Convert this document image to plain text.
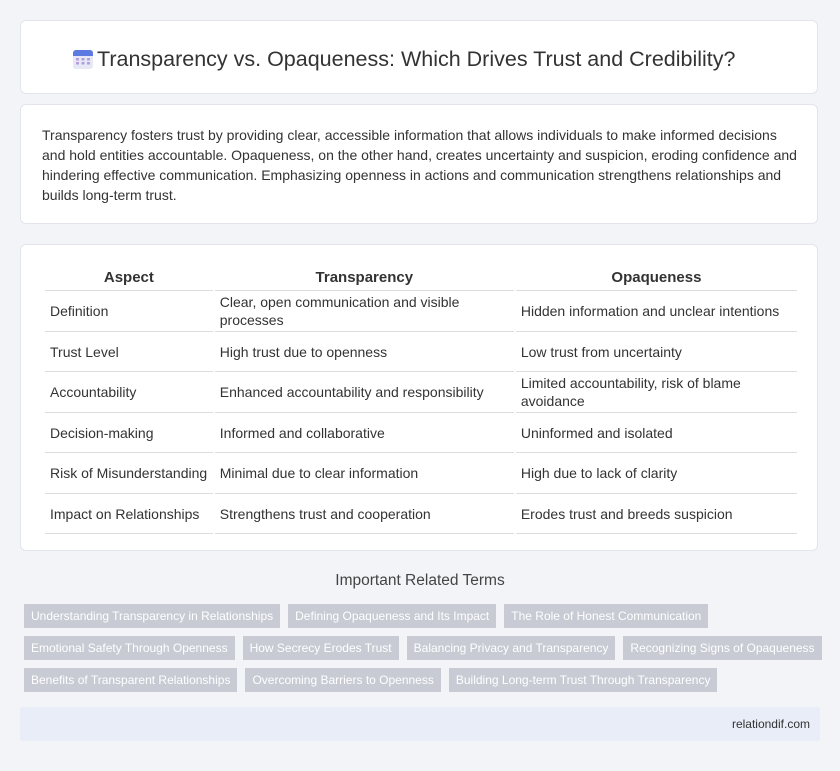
Transparency vs. Opaqueness: Which Drives Trust and Credibility?

Transparency fosters trust by providing clear, accessible information that allows individuals to make informed decisions and hold entities accountable. Opaqueness, on the other hand, creates uncertainty and suspicion, eroding confidence and hindering effective communication. Emphasizing openness in actions and communication strengthens relationships and builds long-term trust.

Aspect	Transparency	Opaqueness
Definition	Clear, open communication and visible processes	Hidden information and unclear intentions
Trust Level	High trust due to openness	Low trust from uncertainty
Accountability	Enhanced accountability and responsibility	Limited accountability, risk of blame avoidance
Decision-making	Informed and collaborative	Uninformed and isolated
Risk of Misunderstanding	Minimal due to clear information	High due to lack of clarity
Impact on Relationships	Strengthens trust and cooperation	Erodes trust and breeds suspicion
Important Related Terms
Understanding Transparency in Relationships	Defining Opaqueness and Its Impact	The Role of Honest Communication
Emotional Safety Through Openness	How Secrecy Erodes Trust	Balancing Privacy and Transparency	Recognizing Signs of Opaqueness
Benefits of Transparent Relationships	Overcoming Barriers to Openness	Building Long-term Trust Through Transparency
relationdif.com
